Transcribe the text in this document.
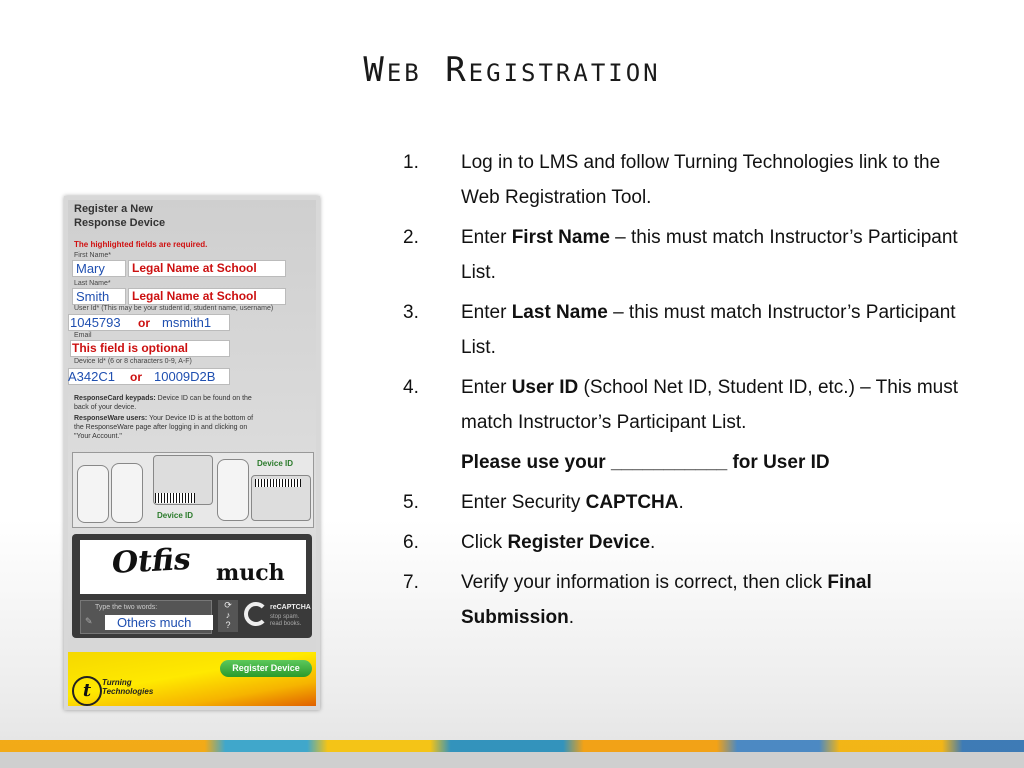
Web Registration
1.	Log in to LMS and follow Turning Technologies link to the Web Registration Tool.
2.	Enter First Name – this must match Instructor’s Participant List.
3.	Enter Last Name – this must match Instructor’s Participant List.
4.	Enter User ID (School Net ID, Student ID, etc.) – This must match Instructor’s Participant List.
Please use your ___________ for User ID
5.	Enter Security CAPTCHA.
6.	Click Register Device.
7.	Verify your information is correct, then click Final Submission.
Register a New
Response Device
The highlighted fields are required.
First Name*
Mary Legal Name at School
Last Name*
Smith Legal Name at School
User Id* (This may be your student id, student name, username)
1045793 or msmith1
Email
This field is optional
Device Id* (6 or 8 characters 0-9, A-F)
A342C1 or 10009D2B
ResponseCard keypads: Device ID can be found on the back of your device.
ResponseWare users: Your Device ID is at the bottom of the ResponseWare page after logging in and clicking on "Your Account."
Device ID
Device ID
Otfis much
Type the two words:
✎ Others much
⟳
♪
?
reCAPTCHA
stop spam. read books.
Register Device
t	Turning
Technologies
